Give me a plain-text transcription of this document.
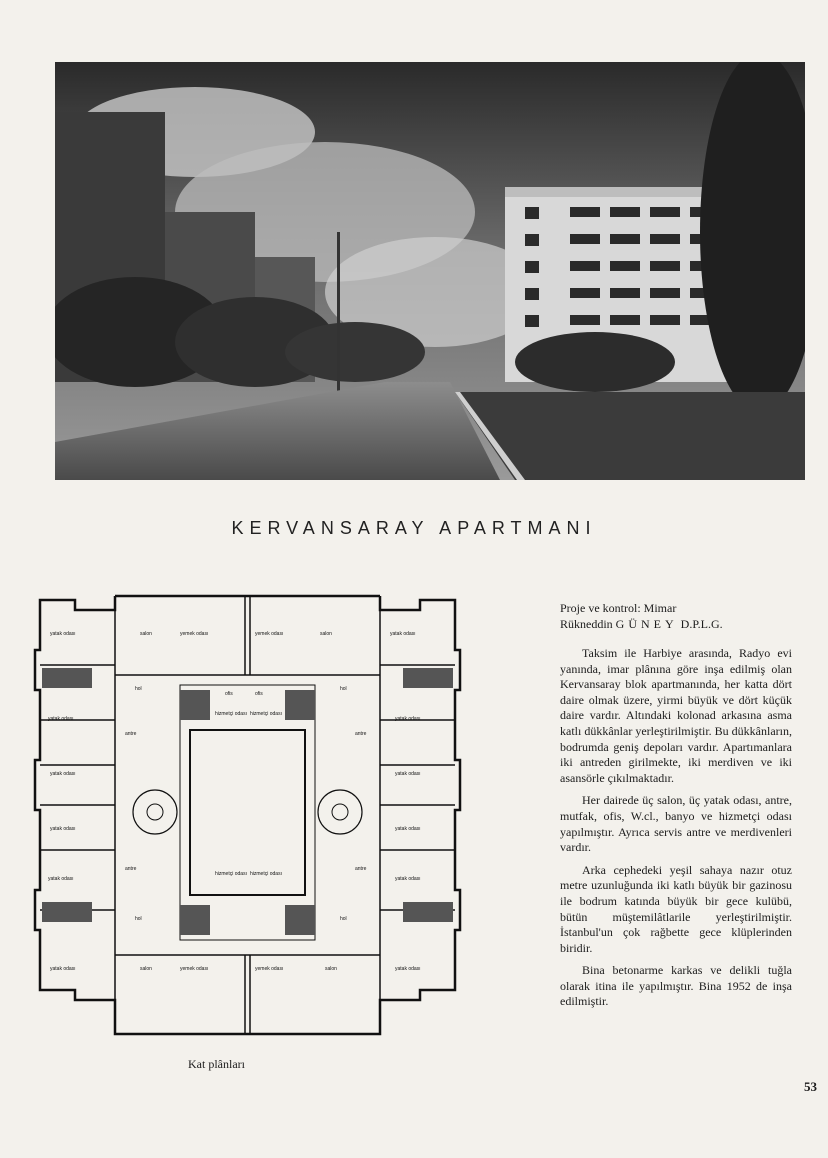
KERVANSARAY APARTMANI
yatak odası	salon	yemek odası	yemek odası	salon	yatak odası
hol	hol
antre	antre
ofis	ofis
hizmetçi odası hizmetçi odası
yatak odası	yatak odası
yatak odası	yatak odası
yatak odası	yatak odası
yatak odası	yatak odası
antre	antre
hizmetçi odası hizmetçi odası
hol	hol
yatak odası	salon	yemek odası	yemek odası	salon	yatak odası
Kat plânları
Proje ve kontrol: Mimar
Rükneddin GÜNEY D.P.L.G.

Taksim ile Harbiye arasında, Radyo evi yanında, imar plânına göre inşa edilmiş olan Kervansaray blok apartmanında, her katta dört daire olmak üzere, yirmi büyük ve dört küçük daire vardır. Altındaki kolonad arkasına asma katlı dükkânlar yerleştirilmiştir. Bu dükkânların, bodrumda geniş depoları vardır. Apartımanlara iki antreden girilmekte, iki merdiven ve iki asansörle çıkılmaktadır.

Her dairede üç salon, üç yatak odası, antre, mutfak, ofis, W.cl., banyo ve hizmetçi odası yapılmıştır. Ayrıca servis antre ve merdivenleri vardır.

Arka cephedeki yeşil sahaya nazır otuz metre uzunluğunda iki katlı büyük bir gazinosu ile bodrum katında büyük bir gece kulübü, bütün müştemilâtlarile yerleştirilmiştir. İstanbul'un çok rağbette gece klüplerinden biridir.

Bina betonarme karkas ve delikli tuğla olarak itina ile yapılmıştır. Bina 1952 de inşa edilmiştir.

53
